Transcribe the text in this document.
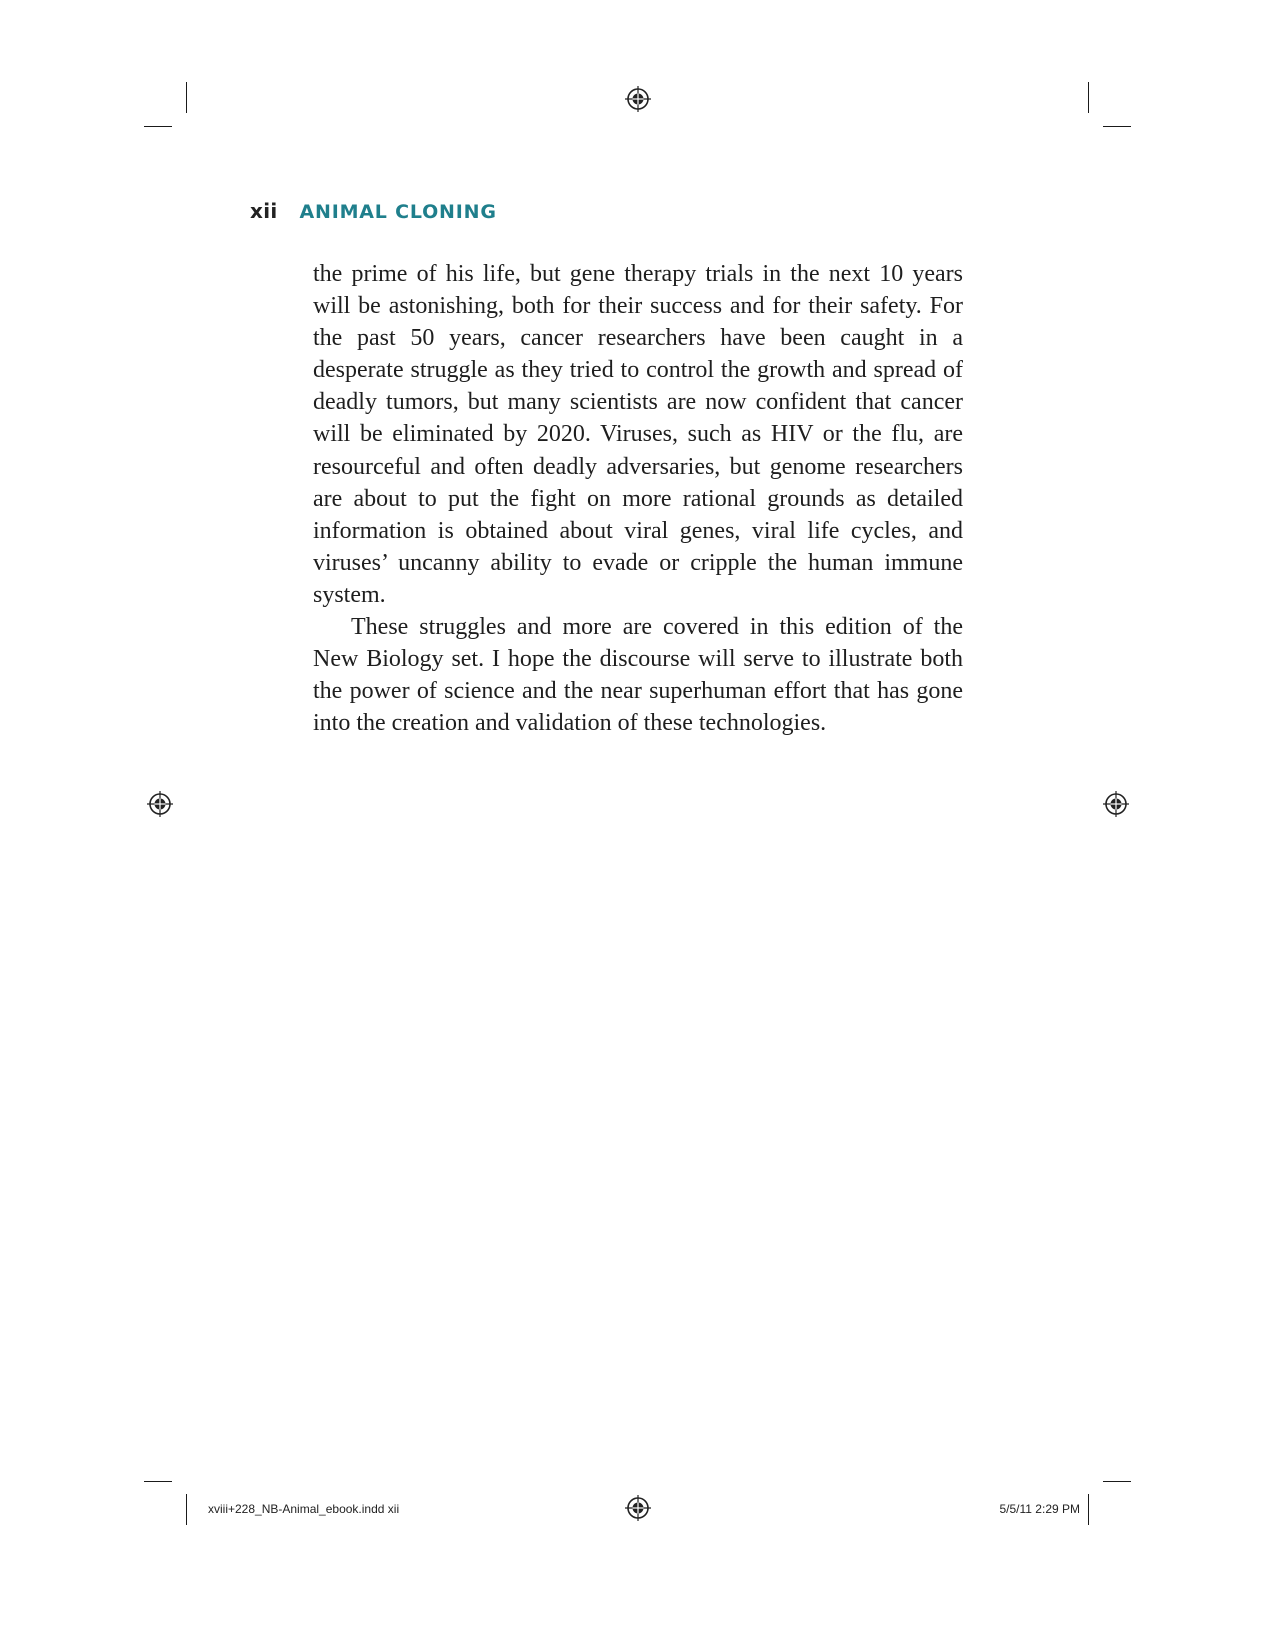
xii ANIMAL CLONING

the prime of his life, but gene therapy trials in the next 10 years will be astonishing, both for their success and for their safety. For the past 50 years, cancer researchers have been caught in a desperate struggle as they tried to control the growth and spread of deadly tumors, but many scientists are now confident that cancer will be eliminated by 2020. Viruses, such as HIV or the flu, are resourceful and often deadly adversaries, but genome researchers are about to put the fight on more rational grounds as detailed information is obtained about viral genes, viral life cycles, and viruses’ uncanny ability to evade or cripple the human immune system.

These struggles and more are covered in this edition of the New Biology set. I hope the discourse will serve to illustrate both the power of science and the near superhuman effort that has gone into the creation and validation of these technologies.

xviii+228_NB-Animal_ebook.indd xii	5/5/11 2:29 PM
